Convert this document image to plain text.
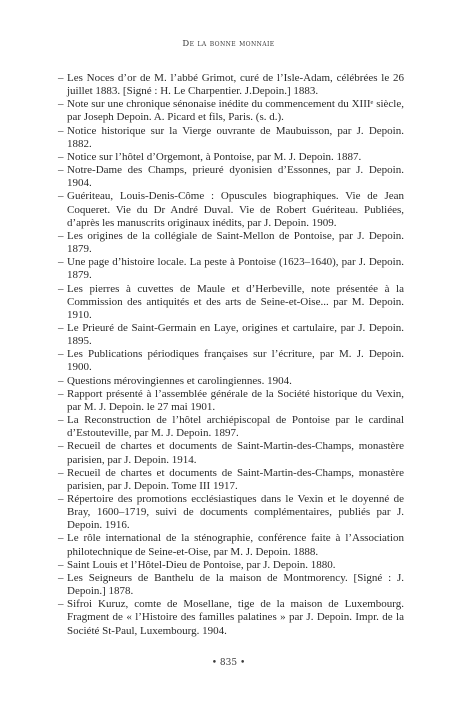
De la bonne monnaie
– Les Noces d’or de M. l’abbé Grimot, curé de l’Isle-Adam, célébrées le 26 juillet 1883. [Signé : H. Le Charpentier. J.Depoin.] 1883.
– Note sur une chronique sénonaise inédite du commencement du XIIIᵉ siècle, par Joseph Depoin. A. Picard et fils, Paris. (s. d.).
– Notice historique sur la Vierge ouvrante de Maubuisson, par J. Depoin. 1882.
– Notice sur l’hôtel d’Orgemont, à Pontoise, par M. J. Depoin. 1887.
– Notre-Dame des Champs, prieuré dyonisien d’Essonnes, par J. Depoin. 1904.
– Guériteau, Louis-Denis-Côme : Opuscules biographiques. Vie de Jean Coqueret. Vie du Dr André Duval. Vie de Robert Guériteau. Publiées, d’après les manuscrits originaux inédits, par J. Depoin. 1909.
– Les origines de la collégiale de Saint-Mellon de Pontoise, par J. Depoin. 1879.
– Une page d’histoire locale. La peste à Pontoise (1623–1640), par J. Depoin. 1879.
– Les pierres à cuvettes de Maule et d’Herbeville, note présentée à la Commission des antiquités et des arts de Seine-et-Oise... par M. Depoin. 1910.
– Le Prieuré de Saint-Germain en Laye, origines et cartulaire, par J. Depoin. 1895.
– Les Publications périodiques françaises sur l’écriture, par M. J. Depoin. 1900.
– Questions mérovingiennes et carolingiennes. 1904.
– Rapport présenté à l’assemblée générale de la Société historique du Vexin, par M. J. Depoin. le 27 mai 1901.
– La Reconstruction de l’hôtel archiépiscopal de Pontoise par le cardinal d’Estouteville, par M. J. Depoin. 1897.
– Recueil de chartes et documents de Saint-Martin-des-Champs, monastère parisien, par J. Depoin. 1914.
– Recueil de chartes et documents de Saint-Martin-des-Champs, monastère parisien, par J. Depoin. Tome III 1917.
– Répertoire des promotions ecclésiastiques dans le Vexin et le doyenné de Bray, 1600–1719, suivi de documents complémentaires, publiés par J. Depoin. 1916.
– Le rôle international de la sténographie, conférence faite à l’Association philotechnique de Seine-et-Oise, par M. J. Depoin. 1888.
– Saint Louis et l’Hôtel-Dieu de Pontoise, par J. Depoin. 1880.
– Les Seigneurs de Banthelu de la maison de Montmorency. [Signé : J. Depoin.] 1878.
– Sifroi Kuruz, comte de Mosellane, tige de la maison de Luxembourg. Fragment de « l’Histoire des familles palatines » par J. Depoin. Impr. de la Société St-Paul, Luxembourg. 1904.
• 835 •
